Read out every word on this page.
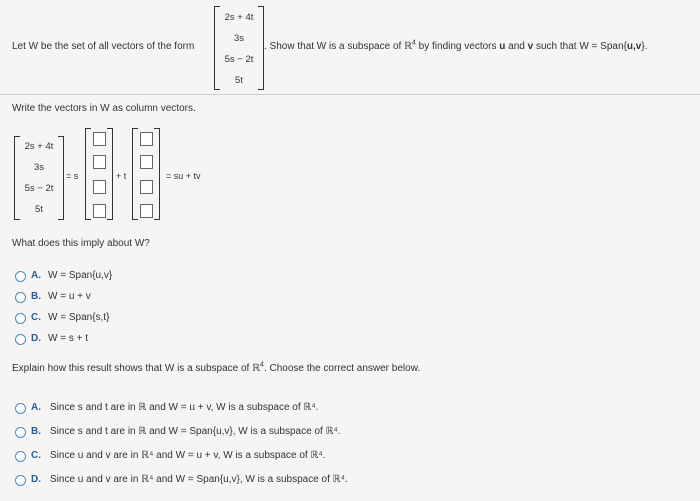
Let W be the set of all vectors of the form
2s + 4t
3s
5s − 2t
5t
. Show that W is a subspace of ℝ$^4$ by finding vectors u and v such that W = Span{u,v}.
Write the vectors in W as column vectors.
2s + 4t
3s
5s − 2t
5t
= s	+ t	= su + tv
What does this imply about W?
A. W = Span{u,v}
B. W = u + v
C. W = Span{s,t}
D. W = s + t
Explain how this result shows that W is a subspace of ℝ$^4$. Choose the correct answer below.
A. Since s and t are in ℝ and W = u + v, W is a subspace of ℝ⁴.
B. Since s and t are in ℝ and W = Span{u,v}, W is a subspace of ℝ⁴.
C. Since u and v are in ℝ⁴ and W = u + v, W is a subspace of ℝ⁴.
D. Since u and v are in ℝ⁴ and W = Span{u,v}, W is a subspace of ℝ⁴.
